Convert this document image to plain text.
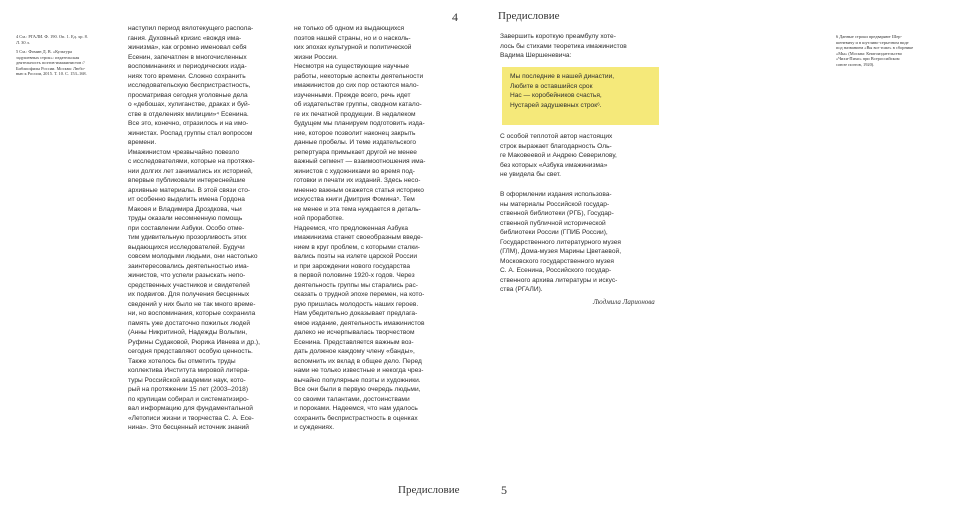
4 См.: РГАЛИ. Ф. 190. Оп. 1. Ед. хр. 8.
Л. 30 л.
5 См.: Фомин Д. В. «Культура
задушевных строк»: издательская
деятельность поэтов-имажинистов //
Библиофилы России. Москва: Любо-
вью к России, 2015. Т. 10. С. 153–168.
наступил период вялотекущего распола-
гания. Духовный кризис «вождя има-
жинизма», как огромно именовал себя
Есенин, запечатлен в многочисленных
воспоминаниях и периодических изда-
ниях того времени. Сложно сохранить
исследовательскую беспристрастность,
просматривая сегодня уголовные дела
о «дебошах, хулиганстве, драках и буй-
стве в отделениях милиции»⁴ Есенина.
Все это, конечно, отразилось и на имо-
жинистах. Роспад группы стал вопросом
времени.
Имажинистом чрезвычайно повезло
с исследователями, которые на протяже-
нии долгих лет занимались их историей,
впервые публиковали интереснейшие
архивные материалы. В этой связи сто-
ит особенно выделить имена Гордона
Макоея и Владимира Дроздкова, чьи
труды оказали несомненную помощь
при составлении Азбуки. Особо отме-
тим удивительную прозорливость этих
выдающихся исследователей. Будучи
совсем молодыми людьми, они настолько
заинтересовались деятельностью има-
жинистов, что успели разыскать непо-
средственных участников и свидетелей
их подвигов. Для получения бесценных
сведений у них было не так много време-
ни, но воспоминания, которые сохранила
память уже достаточно пожилых людей
(Анны Никритиной, Надежды Вольпин,
Руфины Судаковой, Рюрика Ивнева и др.),
сегодня представляют особую ценность.
Также хотелось бы отметить труды
коллектива Института мировой литера-
туры Российской академии наук, кото-
рый на протяжении 15 лет (2003–2018)
по крупицам собирал и систематизиро-
вал информацию для фундаментальной
«Летописи жизни и творчества С. А. Есе-
нина». Это бесценный источник знаний
не только об одном из выдающихся
поэтов нашей страны, но и о насколь-
ких эпохах культурной и политической
жизни России.
Несмотря на существующие научные
работы, некоторые аспекты деятельности
имажинистов до сих пор остаются мало-
изученными. Прежде всего, речь идет
об издательстве группы, сводном катало-
ге их печатной продукции. В недалеком
будущем мы планируем подготовить изда-
ние, которое позволит наконец закрыть
данные пробелы. И теме издательского
репертуара примыкает другой не менее
важный сегмент — взаимоотношения има-
жинистов с художниками во время под-
готовки и печати их изданий. Здесь несо-
мненно важным окажется статья историко
искусства книги Дмитрия Фомина⁵. Тем
не менее и эта тема нуждается в деталь-
ной проработке.
Надеемся, что предложенная Азбука
имажинизма станет своеобразным введе-
нием в круг проблем, с которыми сталки-
вались поэты на излете царской России
и при зарождении нового государства
в первой половине 1920-х годов. Через
деятельность группы мы старались рас-
сказать о трудной эпохе перемен, на кото-
рую пришлась молодость наших героев.
Нам убедительно доказывает предлага-
емое издание, деятельность имажинистов
далеко не исчерпывалась творчеством
Есенина. Представляется важным воз-
дать должное каждому члену «банды»,
вспомнить их вклад в общее дело. Перед
нами не только известные и некогда чрез-
вычайно популярные поэты и художники.
Все они были в первую очередь людьми,
со своими талантами, достоинствами
и пороками. Надеемся, что нам удалось
сохранить беспристрастность в оценках
и суждениях.
4
Предисловие
Предисловие
5
Завершить короткую преамбулу хоте-
лось бы стихами теоретика имажинистов
Вадима Шершеневича:
Мы последние в нашей династии,
Любите в оставшийся срок
Нас — коробейников счастья,
Нустарей задушевных строк⁶.
С особой теплотой автор настоящих
строк выражает благодарность Оль-
ге Маковеевой и Андрею Северилову,
без которых «Азбука имажинизма»
не увидела бы свет.
В оформлении издания использова-
ны материалы Российской государ-
ственной библиотеки (РГБ), Государ-
ственной публичной исторической
библиотеки России (ГПИБ России),
Государственного литературного музея
(ГЛМ), Дома-музея Марины Цветаевой,
Московского государственного музея
С. А. Есенина, Российского государ-
ственного архива литературы и искус-
ства (РГАЛИ).
Людмила Ларионова
6 Данные строки предваряют Шер-
шеневичу и в шутливо-серьезном виде
под названием «Вы все тоже» в сборнике
«Мы» (Москва: Книгоиздательство
«Чихи-Пихи» при Всероссийском
союзе поэтов, 1920).
